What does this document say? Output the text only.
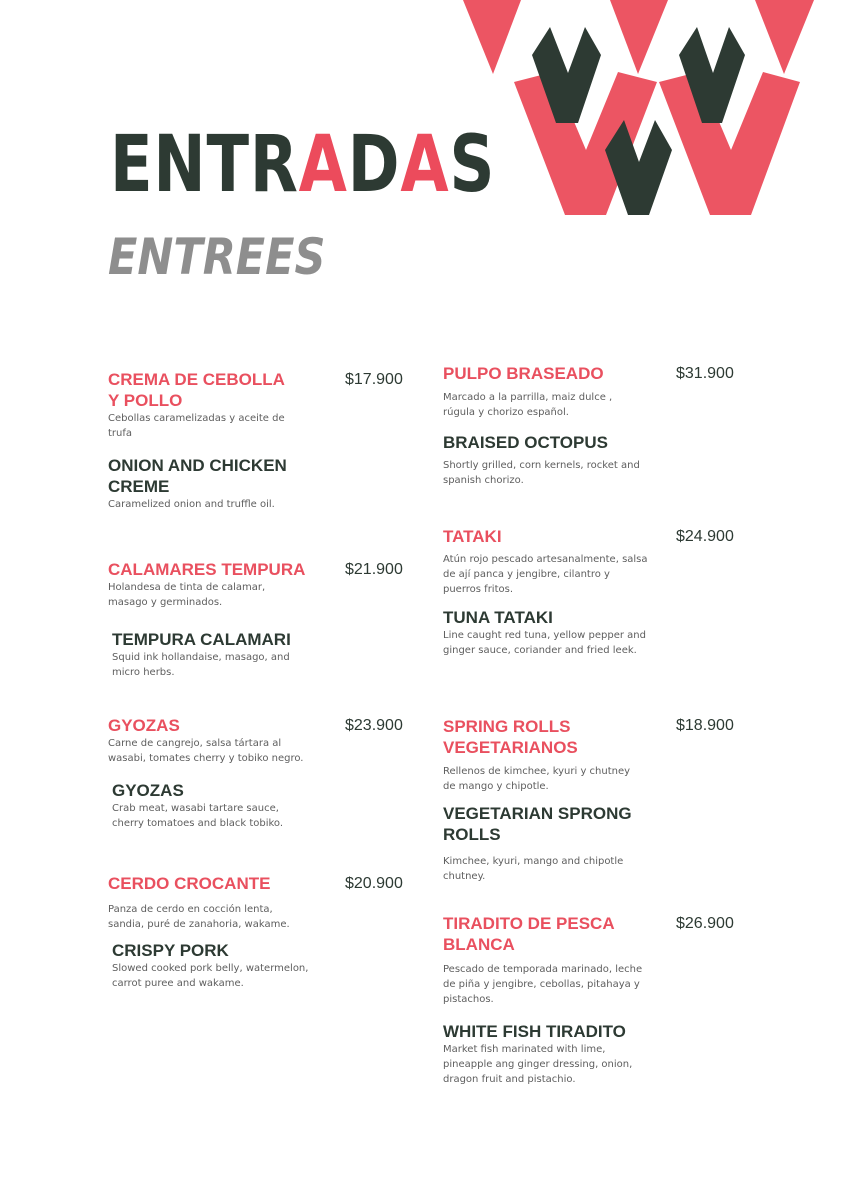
ENTRADAS
ENTREES

CREMA DE CEBOLLA Y POLLO

Cebollas caramelizadas y aceite de trufa

ONION AND CHICKEN CREME

Caramelized onion and truffle oil.

$17.900

CALAMARES TEMPURA

Holandesa de tinta de calamar, masago y germinados.

TEMPURA CALAMARI

Squid ink hollandaise, masago, and micro herbs.

$21.900

GYOZAS

Carne de cangrejo, salsa tártara al wasabi, tomates cherry y tobiko negro.

GYOZAS

Crab meat, wasabi tartare sauce, cherry tomatoes and black tobiko.

$23.900

CERDO CROCANTE

Panza de cerdo en cocción lenta, sandia, puré de zanahoria, wakame.

CRISPY PORK

Slowed cooked pork belly, watermelon, carrot puree and wakame.

$20.900

PULPO BRASEADO

Marcado a la parrilla, maiz dulce , rúgula y chorizo español.

BRAISED OCTOPUS

Shortly grilled, corn kernels, rocket and spanish chorizo.

$31.900

TATAKI

Atún rojo pescado artesanalmente, salsa de ají panca y jengibre, cilantro y puerros fritos.

TUNA TATAKI

Line caught red tuna, yellow pepper and ginger sauce, coriander and fried leek.

$24.900

SPRING ROLLS VEGETARIANOS

Rellenos de kimchee, kyuri y chutney de mango y chipotle.

VEGETARIAN SPRONG ROLLS

Kimchee, kyuri, mango and chipotle chutney.

$18.900

TIRADITO DE PESCA BLANCA

Pescado de temporada marinado, leche de piña y jengibre, cebollas, pitahaya y pistachos.

WHITE FISH TIRADITO

Market fish marinated with lime, pineapple ang ginger dressing, onion, dragon fruit and pistachio.

$26.900
